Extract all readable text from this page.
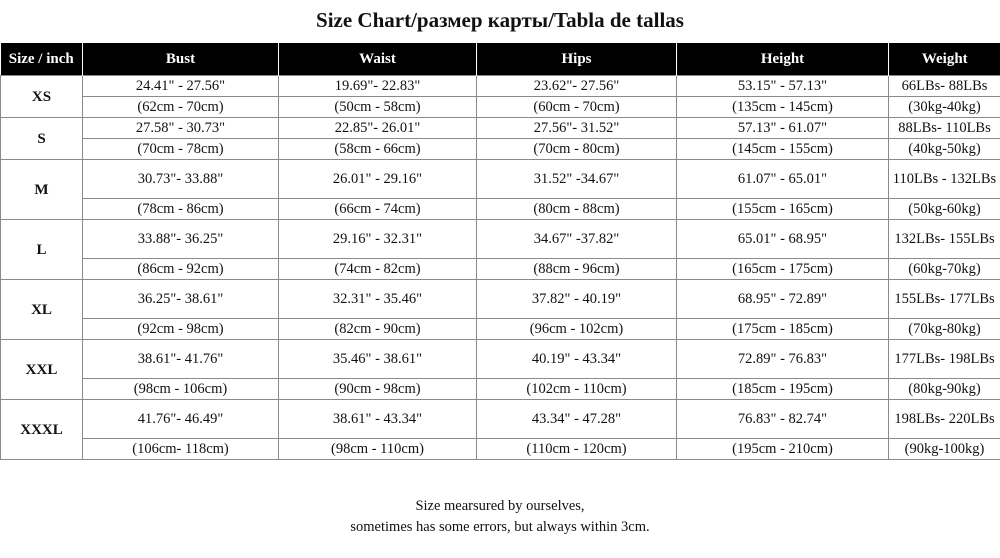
Size Chart/размер карты/Tabla de tallas
Size / inch	Bust	Waist	Hips	Height	Weight
XS	24.41" - 27.56"	19.69"- 22.83"	23.62"- 27.56"	53.15" - 57.13"	66LBs- 88LBs
	(62cm - 70cm)	(50cm - 58cm)	(60cm - 70cm)	(135cm - 145cm)	(30kg-40kg)
S	27.58" - 30.73"	22.85"- 26.01"	27.56"- 31.52"	57.13" - 61.07"	88LBs- 110LBs
	(70cm - 78cm)	(58cm - 66cm)	(70cm - 80cm)	(145cm - 155cm)	(40kg-50kg)
M	30.73"- 33.88"	26.01" - 29.16"	31.52" -34.67"	61.07" - 65.01"	110LBs - 132LBs
	(78cm - 86cm)	(66cm - 74cm)	(80cm - 88cm)	(155cm - 165cm)	(50kg-60kg)
L	33.88"- 36.25"	29.16" - 32.31"	34.67" -37.82"	65.01" - 68.95"	132LBs- 155LBs
	(86cm - 92cm)	(74cm - 82cm)	(88cm - 96cm)	(165cm - 175cm)	(60kg-70kg)
XL	36.25"- 38.61"	32.31" - 35.46"	37.82" - 40.19"	68.95" - 72.89"	155LBs- 177LBs
	(92cm - 98cm)	(82cm - 90cm)	(96cm - 102cm)	(175cm - 185cm)	(70kg-80kg)
XXL	38.61"- 41.76"	35.46" - 38.61"	40.19" - 43.34"	72.89" - 76.83"	177LBs- 198LBs
	(98cm - 106cm)	(90cm - 98cm)	(102cm - 110cm)	(185cm - 195cm)	(80kg-90kg)
XXXL	41.76"- 46.49"	38.61" - 43.34"	43.34" - 47.28"	76.83" - 82.74"	198LBs- 220LBs
	(106cm- 118cm)	(98cm - 110cm)	(110cm - 120cm)	(195cm - 210cm)	(90kg-100kg)
Size mearsured by ourselves,
sometimes has some errors, but always within 3cm.
